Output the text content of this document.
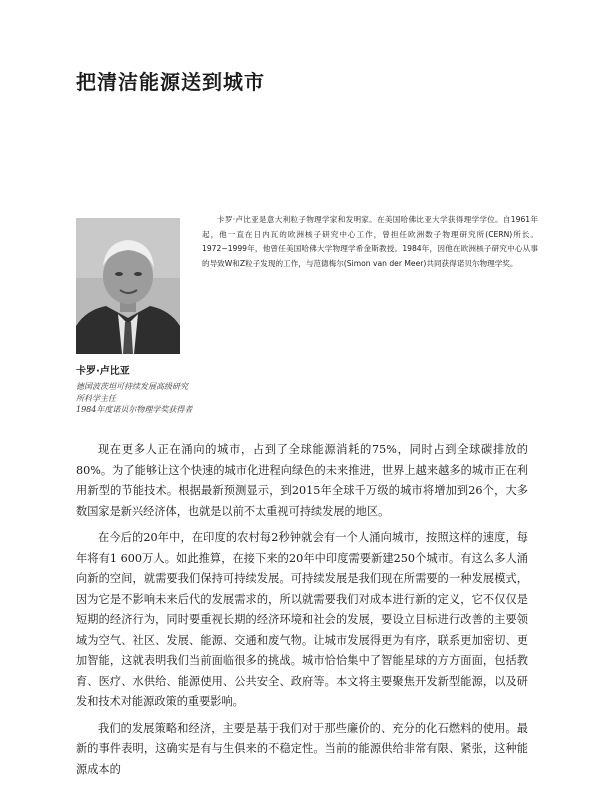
把清洁能源送到城市

卡罗·卢比亚是意大利粒子物理学家和发明家。在美国哈佛比亚大学获得理学学位。自1961年起，他一直在日内瓦的欧洲核子研究中心工作，曾担任欧洲数子物理研究所(CERN)所长。1972~1999年，他曾任美国哈佛大学物理学希金斯教授。1984年，因他在欧洲核子研究中心从事的导致W和Z粒子发现的工作，与范德梅尔(Simon van der Meer)共同获得诺贝尔物理学奖。

卡罗·卢比亚

德国波茨坦可持续发展高级研究

所科学主任

1984年度诺贝尔物理学奖获得者

现在更多人正在涌向的城市，占到了全球能源消耗的75%，同时占到全球碳排放的80%。为了能够让这个快速的城市化进程向绿色的未来推进，世界上越来越多的城市正在利用新型的节能技术。根据最新预测显示，到2015年全球千万级的城市将增加到26个，大多数国家是新兴经济体，也就是以前不太重视可持续发展的地区。

在今后的20年中，在印度的农村每2秒钟就会有一个人涌向城市，按照这样的速度，每年将有1 600万人。如此推算，在接下来的20年中印度需要新建250个城市。有这么多人涌向新的空间，就需要我们保持可持续发展。可持续发展是我们现在所需要的一种发展模式，因为它是不影响未来后代的发展需求的，所以就需要我们对成本进行新的定义，它不仅仅是短期的经济行为，同时要重视长期的经济环境和社会的发展，要设立目标进行改善的主要领域为空气、社区、发展、能源、交通和废气物。让城市发展得更为有序，联系更加密切、更加智能，这就表明我们当前面临很多的挑战。城市恰恰集中了智能星球的方方面面，包括教育、医疗、水供给、能源使用、公共安全、政府等。本文将主要聚焦开发新型能源，以及研发和技术对能源政策的重要影响。

我们的发展策略和经济，主要是基于我们对于那些廉价的、充分的化石燃料的使用。最新的事件表明，这确实是有与生俱来的不稳定性。当前的能源供给非常有限、紧张，这种能源成本的
